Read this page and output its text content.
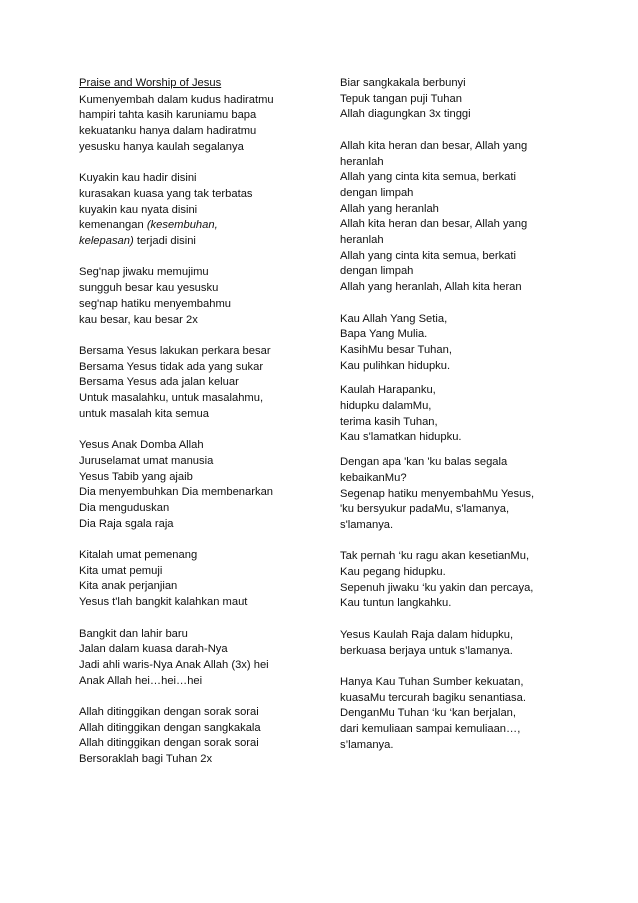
Praise and Worship of Jesus
Kumenyembah dalam kudus hadiratmu
hampiri tahta kasih karuniamu bapa
kekuatanku hanya dalam hadiratmu
yesusku hanya kaulah segalanya
Kuyakin kau hadir disini
kurasakan kuasa yang tak terbatas
kuyakin kau nyata disini
kemenangan (kesembuhan,
kelepasan) terjadi disini
Seg'nap jiwaku memujimu
sungguh besar kau yesusku
seg'nap hatiku menyembahmu
kau besar, kau besar 2x
Bersama Yesus lakukan perkara besar
Bersama Yesus tidak ada yang sukar
Bersama Yesus ada jalan keluar
Untuk masalahku, untuk masalahmu,
untuk masalah kita semua
Yesus Anak Domba Allah
Juruselamat umat manusia
Yesus Tabib yang ajaib
Dia menyembuhkan Dia membenarkan
Dia menguduskan
Dia Raja sgala raja
Kitalah umat pemenang
Kita umat pemuji
Kita anak perjanjian
Yesus t'lah bangkit kalahkan maut
Bangkit dan lahir baru
Jalan dalam kuasa darah-Nya
Jadi ahli waris-Nya Anak Allah (3x) hei
Anak Allah hei…hei…hei
Allah ditinggikan dengan sorak sorai
Allah ditinggikan dengan sangkakala
Allah ditinggikan dengan sorak sorai
Bersoraklah bagi Tuhan 2x
Biar sangkakala berbunyi
Tepuk tangan puji Tuhan
Allah diagungkan 3x tinggi
Allah kita heran dan besar, Allah yang
heranlah
Allah yang cinta kita semua, berkati
dengan limpah
Allah yang heranlah
Allah kita heran dan besar, Allah yang
heranlah
Allah yang cinta kita semua, berkati
dengan limpah
Allah yang heranlah, Allah kita heran
Kau Allah Yang Setia,
Bapa Yang Mulia.
KasihMu besar Tuhan,
Kau pulihkan hidupku.
Kaulah Harapanku,
hidupku dalamMu,
terima kasih Tuhan,
Kau s'lamatkan hidupku.
Dengan apa 'kan 'ku balas segala
kebaikanMu?
Segenap hatiku menyembahMu Yesus,
'ku bersyukur padaMu, s'lamanya,
s'lamanya.
Tak pernah ‘ku ragu akan kesetianMu,
Kau pegang hidupku.
Sepenuh jiwaku ‘ku yakin dan percaya,
Kau tuntun langkahku.
Yesus Kaulah Raja dalam hidupku,
berkuasa berjaya untuk s’lamanya.
Hanya Kau Tuhan Sumber kekuatan,
kuasaMu tercurah bagiku senantiasa.
DenganMu Tuhan ‘ku ‘kan berjalan,
dari kemuliaan sampai kemuliaan…,
s’lamanya.
